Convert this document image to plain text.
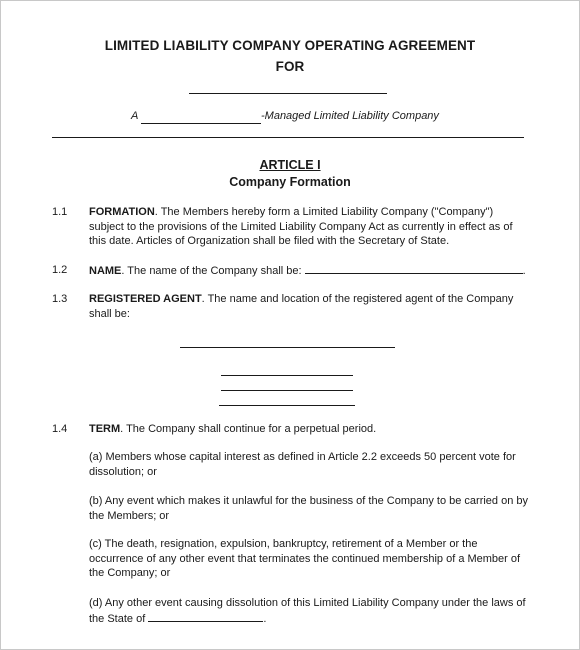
LIMITED LIABILITY COMPANY OPERATING AGREEMENT
FOR
A	-Managed Limited Liability Company
ARTICLE I
Company Formation
1.1 FORMATION. The Members hereby form a Limited Liability Company ("Company") subject to the provisions of the Limited Liability Company Act as currently in effect as of this date. Articles of Organization shall be filed with the Secretary of State.
1.2 NAME. The name of the Company shall be:	.
1.3 REGISTERED AGENT. The name and location of the registered agent of the Company shall be:
1.4 TERM. The Company shall continue for a perpetual period.
(a) Members whose capital interest as defined in Article 2.2 exceeds 50 percent vote for dissolution; or
(b) Any event which makes it unlawful for the business of the Company to be carried on by the Members; or
(c) The death, resignation, expulsion, bankruptcy, retirement of a Member or the occurrence of any other event that terminates the continued membership of a Member of the Company; or
(d) Any other event causing dissolution of this Limited Liability Company under the laws of the State of	.
